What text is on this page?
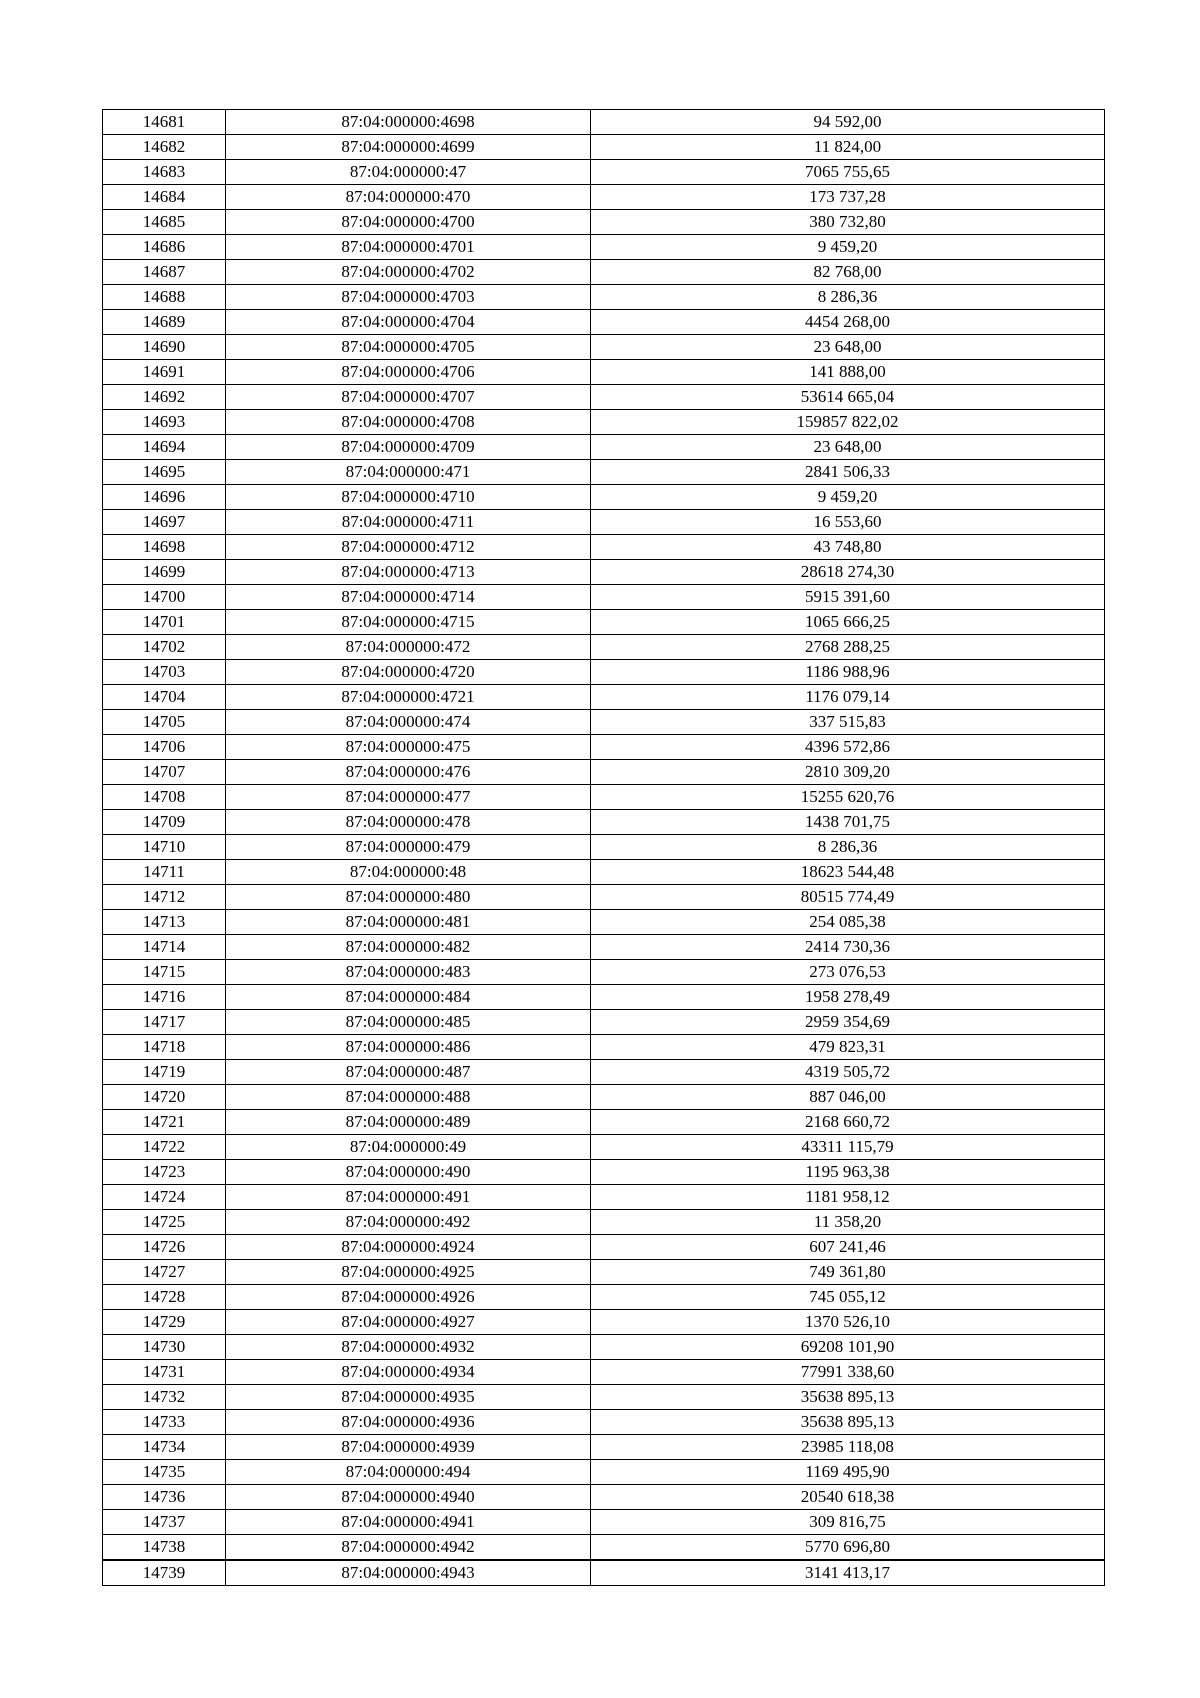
14681	87:04:000000:4698	94 592,00
14682	87:04:000000:4699	11 824,00
14683	87:04:000000:47	7065 755,65
14684	87:04:000000:470	173 737,28
14685	87:04:000000:4700	380 732,80
14686	87:04:000000:4701	9 459,20
14687	87:04:000000:4702	82 768,00
14688	87:04:000000:4703	8 286,36
14689	87:04:000000:4704	4454 268,00
14690	87:04:000000:4705	23 648,00
14691	87:04:000000:4706	141 888,00
14692	87:04:000000:4707	53614 665,04
14693	87:04:000000:4708	159857 822,02
14694	87:04:000000:4709	23 648,00
14695	87:04:000000:471	2841 506,33
14696	87:04:000000:4710	9 459,20
14697	87:04:000000:4711	16 553,60
14698	87:04:000000:4712	43 748,80
14699	87:04:000000:4713	28618 274,30
14700	87:04:000000:4714	5915 391,60
14701	87:04:000000:4715	1065 666,25
14702	87:04:000000:472	2768 288,25
14703	87:04:000000:4720	1186 988,96
14704	87:04:000000:4721	1176 079,14
14705	87:04:000000:474	337 515,83
14706	87:04:000000:475	4396 572,86
14707	87:04:000000:476	2810 309,20
14708	87:04:000000:477	15255 620,76
14709	87:04:000000:478	1438 701,75
14710	87:04:000000:479	8 286,36
14711	87:04:000000:48	18623 544,48
14712	87:04:000000:480	80515 774,49
14713	87:04:000000:481	254 085,38
14714	87:04:000000:482	2414 730,36
14715	87:04:000000:483	273 076,53
14716	87:04:000000:484	1958 278,49
14717	87:04:000000:485	2959 354,69
14718	87:04:000000:486	479 823,31
14719	87:04:000000:487	4319 505,72
14720	87:04:000000:488	887 046,00
14721	87:04:000000:489	2168 660,72
14722	87:04:000000:49	43311 115,79
14723	87:04:000000:490	1195 963,38
14724	87:04:000000:491	1181 958,12
14725	87:04:000000:492	11 358,20
14726	87:04:000000:4924	607 241,46
14727	87:04:000000:4925	749 361,80
14728	87:04:000000:4926	745 055,12
14729	87:04:000000:4927	1370 526,10
14730	87:04:000000:4932	69208 101,90
14731	87:04:000000:4934	77991 338,60
14732	87:04:000000:4935	35638 895,13
14733	87:04:000000:4936	35638 895,13
14734	87:04:000000:4939	23985 118,08
14735	87:04:000000:494	1169 495,90
14736	87:04:000000:4940	20540 618,38
14737	87:04:000000:4941	309 816,75
14738	87:04:000000:4942	5770 696,80
14739	87:04:000000:4943	3141 413,17
